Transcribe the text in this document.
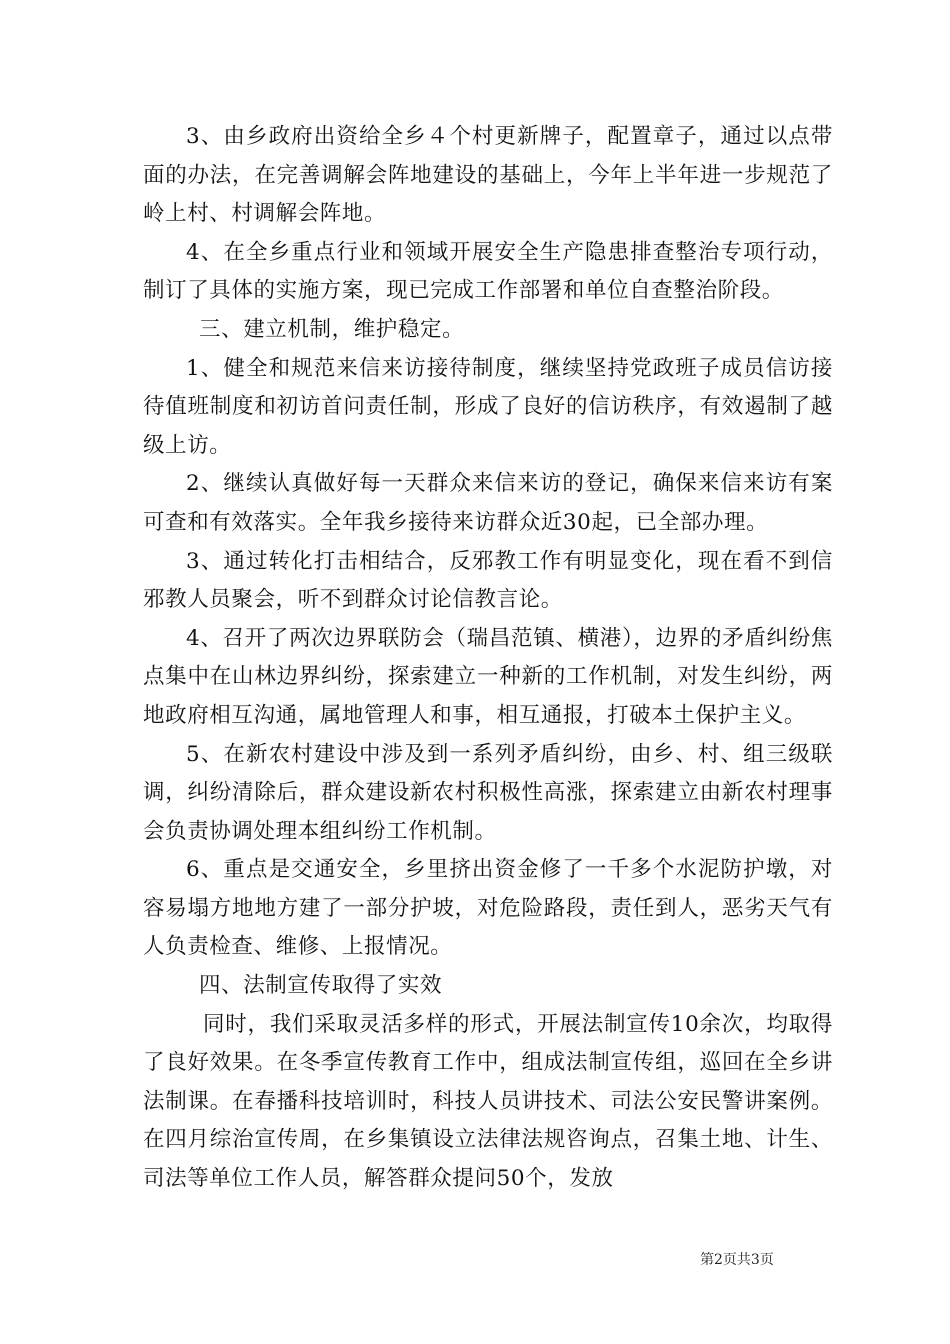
3、由乡政府出资给全乡４个村更新牌子，配置章子，通过以点带面的办法，在完善调解会阵地建设的基础上，今年上半年进一步规范了岭上村、村调解会阵地。

4、在全乡重点行业和领域开展安全生产隐患排查整治专项行动，制订了具体的实施方案，现已完成工作部署和单位自查整治阶段。

三、建立机制，维护稳定。

1、健全和规范来信来访接待制度，继续坚持党政班子成员信访接待值班制度和初访首问责任制，形成了良好的信访秩序，有效遏制了越级上访。

2、继续认真做好每一天群众来信来访的登记，确保来信来访有案可查和有效落实。全年我乡接待来访群众近30起，已全部办理。

3、通过转化打击相结合，反邪教工作有明显变化，现在看不到信邪教人员聚会，听不到群众讨论信教言论。

4、召开了两次边界联防会（瑞昌范镇、横港），边界的矛盾纠纷焦点集中在山林边界纠纷，探索建立一种新的工作机制，对发生纠纷，两地政府相互沟通，属地管理人和事，相互通报，打破本土保护主义。

5、在新农村建设中涉及到一系列矛盾纠纷，由乡、村、组三级联调，纠纷清除后，群众建设新农村积极性高涨，探索建立由新农村理事会负责协调处理本组纠纷工作机制。

6、重点是交通安全，乡里挤出资金修了一千多个水泥防护墩，对容易塌方地地方建了一部分护坡，对危险路段，责任到人，恶劣天气有人负责检查、维修、上报情况。

四、法制宣传取得了实效

同时，我们采取灵活多样的形式，开展法制宣传10余次，均取得了良好效果。在冬季宣传教育工作中，组成法制宣传组，巡回在全乡讲法制课。在春播科技培训时，科技人员讲技术、司法公安民警讲案例。在四月综治宣传周，在乡集镇设立法律法规咨询点，召集土地、计生、司法等单位工作人员，解答群众提问50个，发放

第2页共3页
